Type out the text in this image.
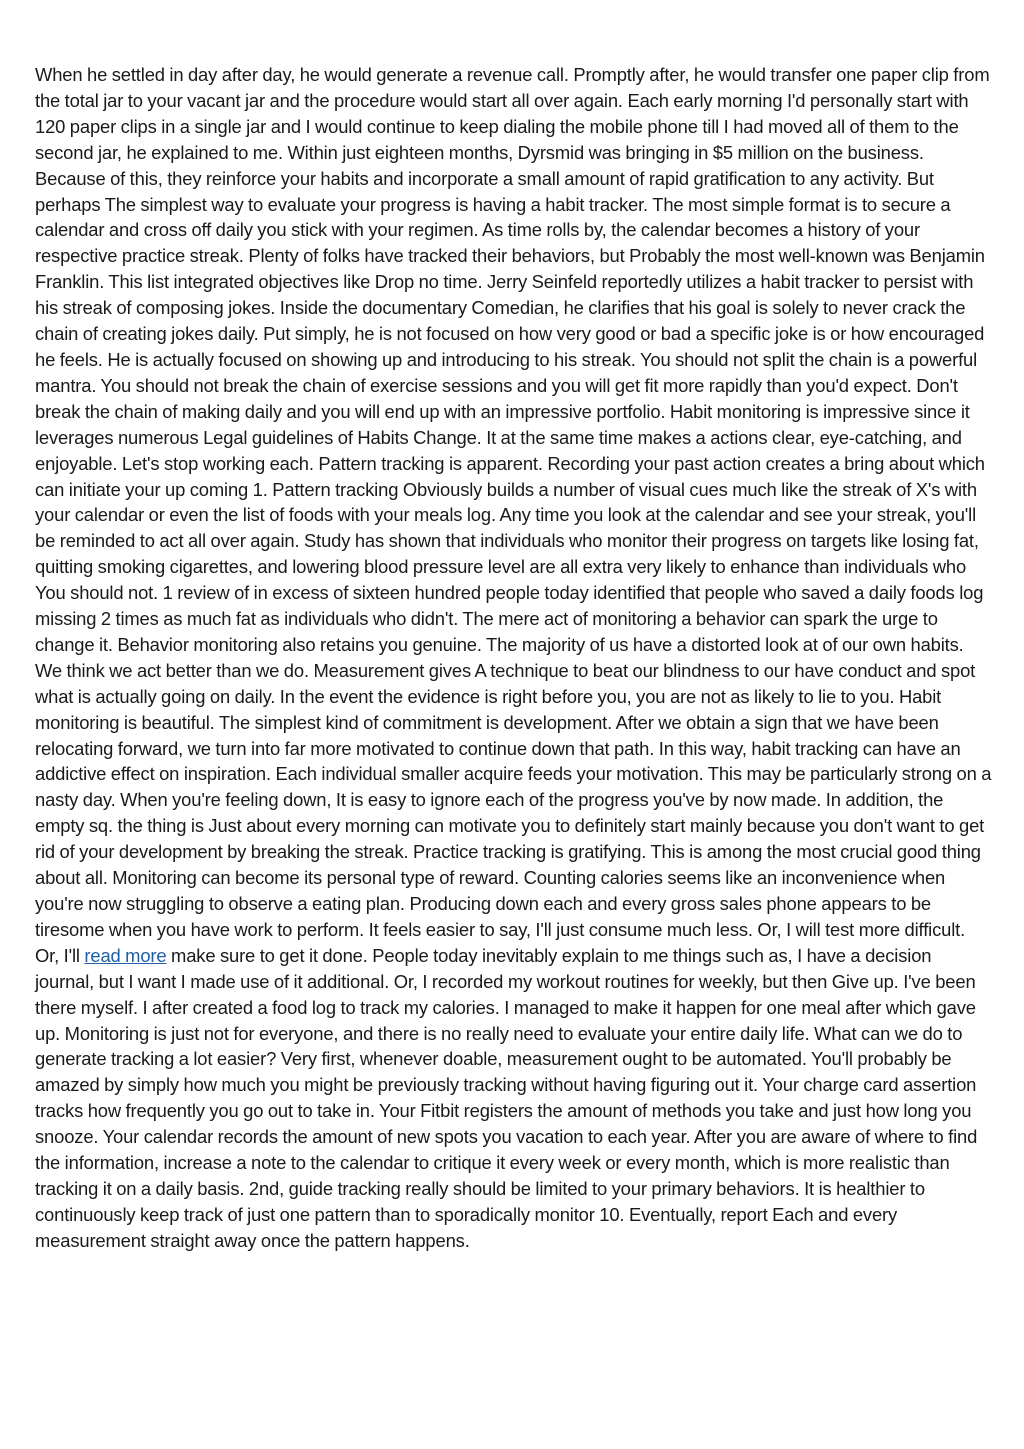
When he settled in day after day, he would generate a revenue call. Promptly after, he would transfer one paper clip from the total jar to your vacant jar and the procedure would start all over again. Each early morning I'd personally start with 120 paper clips in a single jar and I would continue to keep dialing the mobile phone till I had moved all of them to the second jar, he explained to me. Within just eighteen months, Dyrsmid was bringing in $5 million on the business. Because of this, they reinforce your habits and incorporate a small amount of rapid gratification to any activity. But perhaps The simplest way to evaluate your progress is having a habit tracker. The most simple format is to secure a calendar and cross off daily you stick with your regimen. As time rolls by, the calendar becomes a history of your respective practice streak. Plenty of folks have tracked their behaviors, but Probably the most well-known was Benjamin Franklin. This list integrated objectives like Drop no time. Jerry Seinfeld reportedly utilizes a habit tracker to persist with his streak of composing jokes. Inside the documentary Comedian, he clarifies that his goal is solely to never crack the chain of creating jokes daily. Put simply, he is not focused on how very good or bad a specific joke is or how encouraged he feels. He is actually focused on showing up and introducing to his streak. You should not split the chain is a powerful mantra. You should not break the chain of exercise sessions and you will get fit more rapidly than you'd expect. Don't break the chain of making daily and you will end up with an impressive portfolio. Habit monitoring is impressive since it leverages numerous Legal guidelines of Habits Change. It at the same time makes a actions clear, eye-catching, and enjoyable. Let's stop working each. Pattern tracking is apparent. Recording your past action creates a bring about which can initiate your up coming 1. Pattern tracking Obviously builds a number of visual cues much like the streak of X's with your calendar or even the list of foods with your meals log. Any time you look at the calendar and see your streak, you'll be reminded to act all over again. Study has shown that individuals who monitor their progress on targets like losing fat, quitting smoking cigarettes, and lowering blood pressure level are all extra very likely to enhance than individuals who You should not. 1 review of in excess of sixteen hundred people today identified that people who saved a daily foods log missing 2 times as much fat as individuals who didn't. The mere act of monitoring a behavior can spark the urge to change it. Behavior monitoring also retains you genuine. The majority of us have a distorted look at of our own habits. We think we act better than we do. Measurement gives A technique to beat our blindness to our have conduct and spot what is actually going on daily. In the event the evidence is right before you, you are not as likely to lie to you. Habit monitoring is beautiful. The simplest kind of commitment is development. After we obtain a sign that we have been relocating forward, we turn into far more motivated to continue down that path. In this way, habit tracking can have an addictive effect on inspiration. Each individual smaller acquire feeds your motivation. This may be particularly strong on a nasty day. When you're feeling down, It is easy to ignore each of the progress you've by now made. In addition, the empty sq. the thing is Just about every morning can motivate you to definitely start mainly because you don't want to get rid of your development by breaking the streak. Practice tracking is gratifying. This is among the most crucial good thing about all. Monitoring can become its personal type of reward. Counting calories seems like an inconvenience when you're now struggling to observe a eating plan. Producing down each and every gross sales phone appears to be tiresome when you have work to perform. It feels easier to say, I'll just consume much less. Or, I will test more difficult. Or, I'll read more make sure to get it done. People today inevitably explain to me things such as, I have a decision journal, but I want I made use of it additional. Or, I recorded my workout routines for weekly, but then Give up. I've been there myself. I after created a food log to track my calories. I managed to make it happen for one meal after which gave up. Monitoring is just not for everyone, and there is no really need to evaluate your entire daily life. What can we do to generate tracking a lot easier? Very first, whenever doable, measurement ought to be automated. You'll probably be amazed by simply how much you might be previously tracking without having figuring out it. Your charge card assertion tracks how frequently you go out to take in. Your Fitbit registers the amount of methods you take and just how long you snooze. Your calendar records the amount of new spots you vacation to each year. After you are aware of where to find the information, increase a note to the calendar to critique it every week or every month, which is more realistic than tracking it on a daily basis. 2nd, guide tracking really should be limited to your primary behaviors. It is healthier to continuously keep track of just one pattern than to sporadically monitor 10. Eventually, report Each and every measurement straight away once the pattern happens.
